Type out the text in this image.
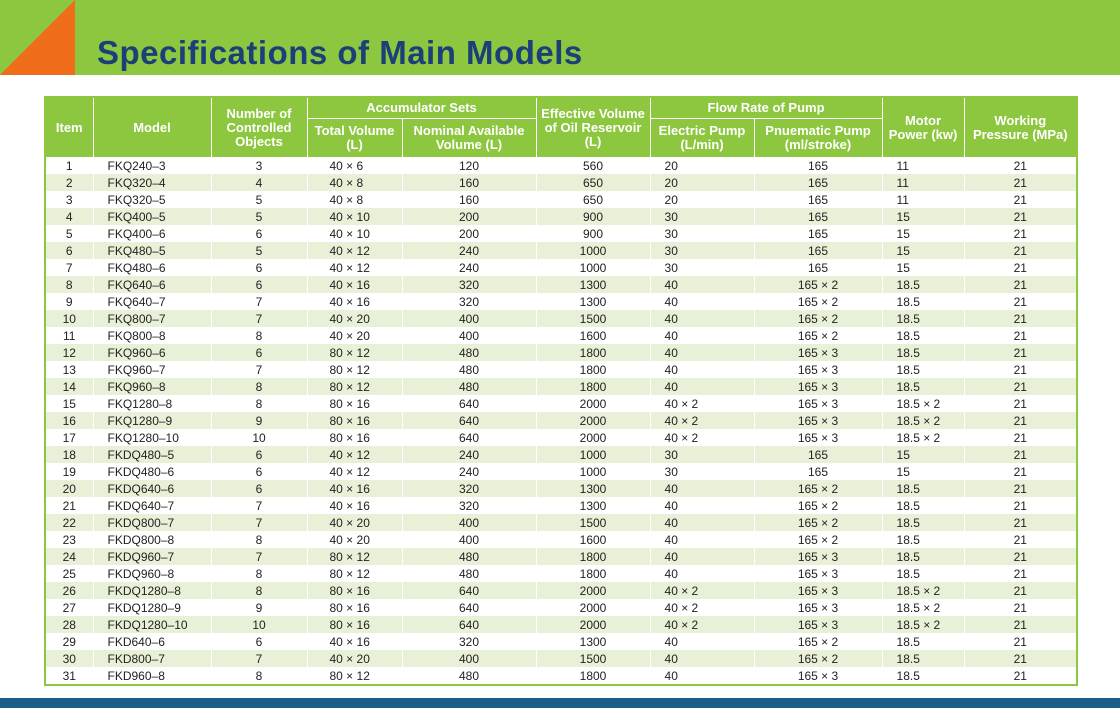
Specifications of Main Models
Item	Model	Number of Controlled Objects	Accumulator Sets		Effective Volume of Oil Reservoir (L)	Flow Rate of Pump		Motor Power (kw)	Working Pressure (MPa)
			Total Volume (L)	Nominal Available Volume (L)		Electric Pump (L/min)	Pnuematic Pump (ml/stroke)		
1	FKQ240–3	3	40 × 6	120	560	20	165	11	21
2	FKQ320–4	4	40 × 8	160	650	20	165	11	21
3	FKQ320–5	5	40 × 8	160	650	20	165	11	21
4	FKQ400–5	5	40 × 10	200	900	30	165	15	21
5	FKQ400–6	6	40 × 10	200	900	30	165	15	21
6	FKQ480–5	5	40 × 12	240	1000	30	165	15	21
7	FKQ480–6	6	40 × 12	240	1000	30	165	15	21
8	FKQ640–6	6	40 × 16	320	1300	40	165 × 2	18.5	21
9	FKQ640–7	7	40 × 16	320	1300	40	165 × 2	18.5	21
10	FKQ800–7	7	40 × 20	400	1500	40	165 × 2	18.5	21
11	FKQ800–8	8	40 × 20	400	1600	40	165 × 2	18.5	21
12	FKQ960–6	6	80 × 12	480	1800	40	165 × 3	18.5	21
13	FKQ960–7	7	80 × 12	480	1800	40	165 × 3	18.5	21
14	FKQ960–8	8	80 × 12	480	1800	40	165 × 3	18.5	21
15	FKQ1280–8	8	80 × 16	640	2000	40 × 2	165 × 3	18.5 × 2	21
16	FKQ1280–9	9	80 × 16	640	2000	40 × 2	165 × 3	18.5 × 2	21
17	FKQ1280–10	10	80 × 16	640	2000	40 × 2	165 × 3	18.5 × 2	21
18	FKDQ480–5	6	40 × 12	240	1000	30	165	15	21
19	FKDQ480–6	6	40 × 12	240	1000	30	165	15	21
20	FKDQ640–6	6	40 × 16	320	1300	40	165 × 2	18.5	21
21	FKDQ640–7	7	40 × 16	320	1300	40	165 × 2	18.5	21
22	FKDQ800–7	7	40 × 20	400	1500	40	165 × 2	18.5	21
23	FKDQ800–8	8	40 × 20	400	1600	40	165 × 2	18.5	21
24	FKDQ960–7	7	80 × 12	480	1800	40	165 × 3	18.5	21
25	FKDQ960–8	8	80 × 12	480	1800	40	165 × 3	18.5	21
26	FKDQ1280–8	8	80 × 16	640	2000	40 × 2	165 × 3	18.5 × 2	21
27	FKDQ1280–9	9	80 × 16	640	2000	40 × 2	165 × 3	18.5 × 2	21
28	FKDQ1280–10	10	80 × 16	640	2000	40 × 2	165 × 3	18.5 × 2	21
29	FKD640–6	6	40 × 16	320	1300	40	165 × 2	18.5	21
30	FKD800–7	7	40 × 20	400	1500	40	165 × 2	18.5	21
31	FKD960–8	8	80 × 12	480	1800	40	165 × 3	18.5	21
